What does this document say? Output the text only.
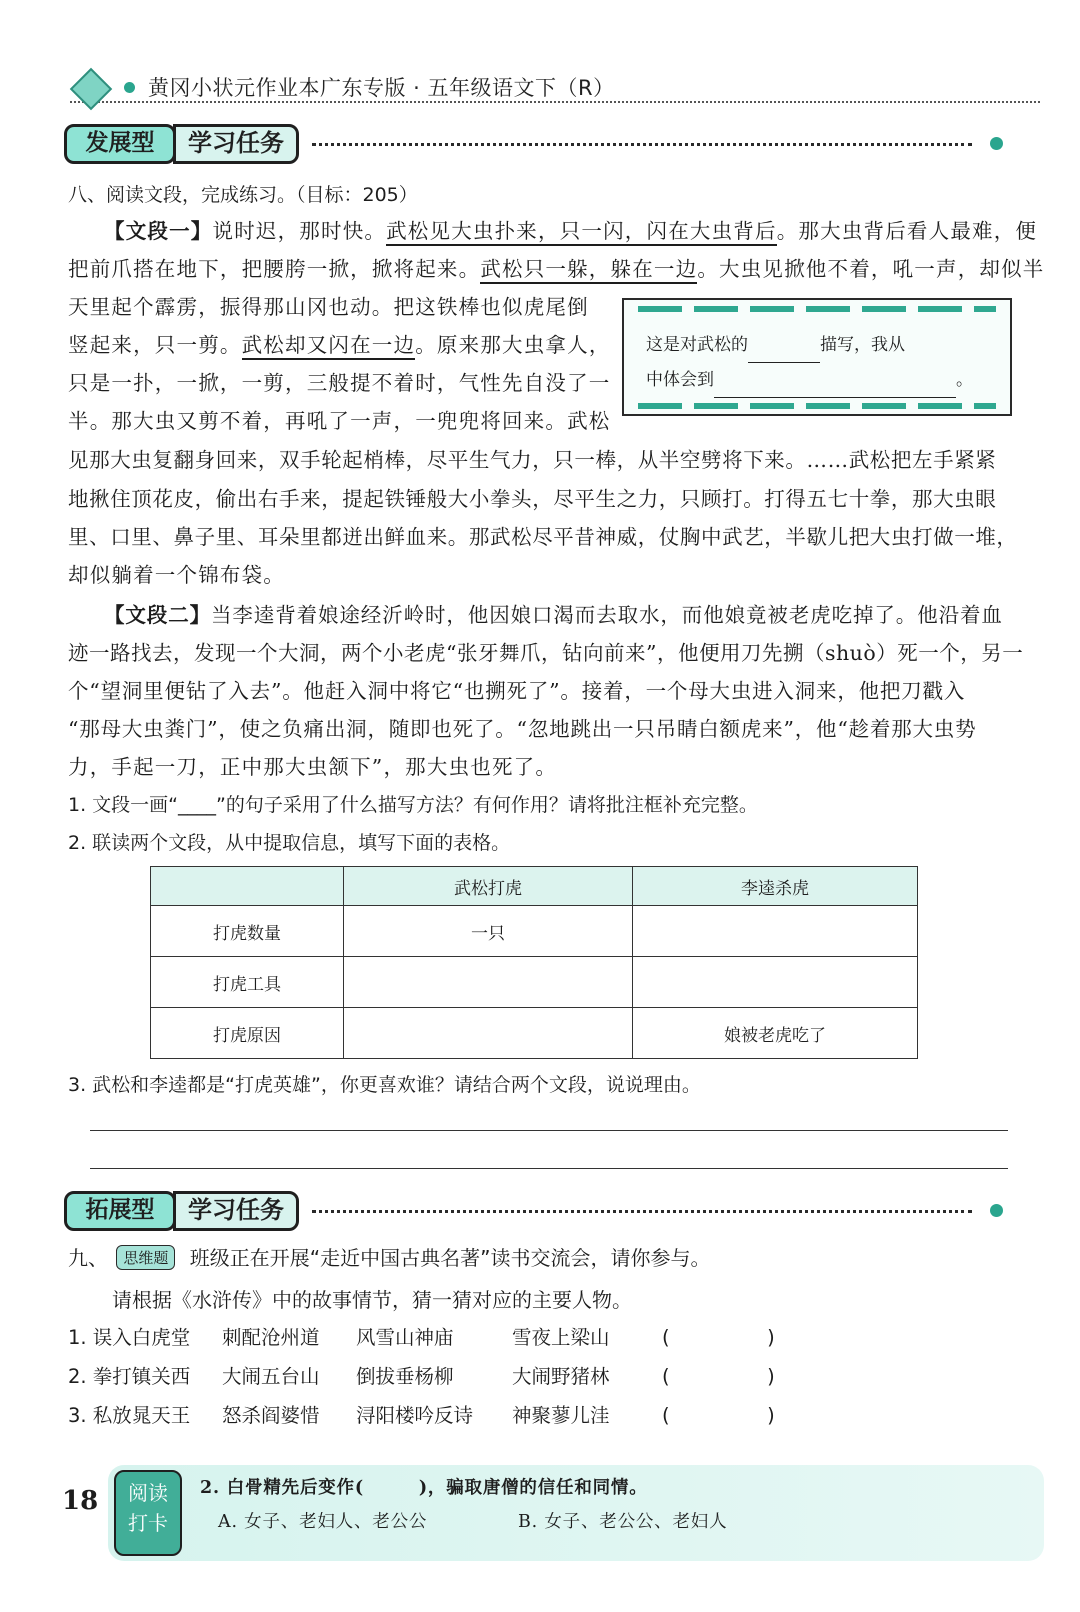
黄冈小状元作业本广东专版 · 五年级语文下（R）
发展型	学习任务
八、阅读文段，完成练习。（目标：205）
【文段一】说时迟，那时快。武松见大虫扑来，只一闪，闪在大虫背后。那大虫背后看人最难，便
把前爪搭在地下，把腰胯一掀，掀将起来。武松只一躲，躲在一边。大虫见掀他不着，吼一声，却似半
天里起个霹雳，振得那山冈也动。把这铁棒也似虎尾倒
竖起来，只一剪。武松却又闪在一边。原来那大虫拿人，
只是一扑，一掀，一剪，三般提不着时，气性先自没了一
半。那大虫又剪不着，再吼了一声，一兜兜将回来。武松
见那大虫复翻身回来，双手轮起梢棒，尽平生气力，只一棒，从半空劈将下来。……武松把左手紧紧
地揪住顶花皮，偷出右手来，提起铁锤般大小拳头，尽平生之力，只顾打。打得五七十拳，那大虫眼
里、口里、鼻子里、耳朵里都迸出鲜血来。那武松尽平昔神威，仗胸中武艺，半歇儿把大虫打做一堆，
却似躺着一个锦布袋。
这是对武松的	描写，我从
中体会到	。
【文段二】当李逵背着娘途经沂岭时，他因娘口渴而去取水，而他娘竟被老虎吃掉了。他沿着血
迹一路找去，发现一个大洞，两个小老虎“张牙舞爪，钻向前来”，他便用刀先搠（shuò）死一个，另一
个“望洞里便钻了入去”。他赶入洞中将它“也搠死了”。接着，一个母大虫进入洞来，他把刀戳入
“那母大虫粪门”，使之负痛出洞，随即也死了。“忽地跳出一只吊睛白额虎来”，他“趁着那大虫势
力，手起一刀，正中那大虫颔下”，那大虫也死了。
1. 文段一画“____”的句子采用了什么描写方法？有何作用？请将批注框补充完整。
2. 联读两个文段，从中提取信息，填写下面的表格。
	武松打虎	李逵杀虎
打虎数量	一只	
打虎工具		
打虎原因		娘被老虎吃了
3. 武松和李逵都是“打虎英雄”，你更喜欢谁？请结合两个文段，说说理由。
拓展型	学习任务
九、 思维题 班级正在开展“走近中国古典名著”读书交流会，请你参与。
请根据《水浒传》中的故事情节，猜一猜对应的主要人物。
1. 误入白虎堂 刺配沧州道 风雪山神庙	雪夜上梁山	(　　　　　)
2. 拳打镇关西 大闹五台山 倒拔垂杨柳	大闹野猪林	(　　　　　)
3. 私放晁天王 怒杀阎婆惜 浔阳楼吟反诗 神聚蓼儿洼	(　　　　　)
18	阅读
打卡
2. 白骨精先后变作(　　　)，骗取唐僧的信任和同情。
A. 女子、老妇人、老公公	B. 女子、老公公、老妇人
